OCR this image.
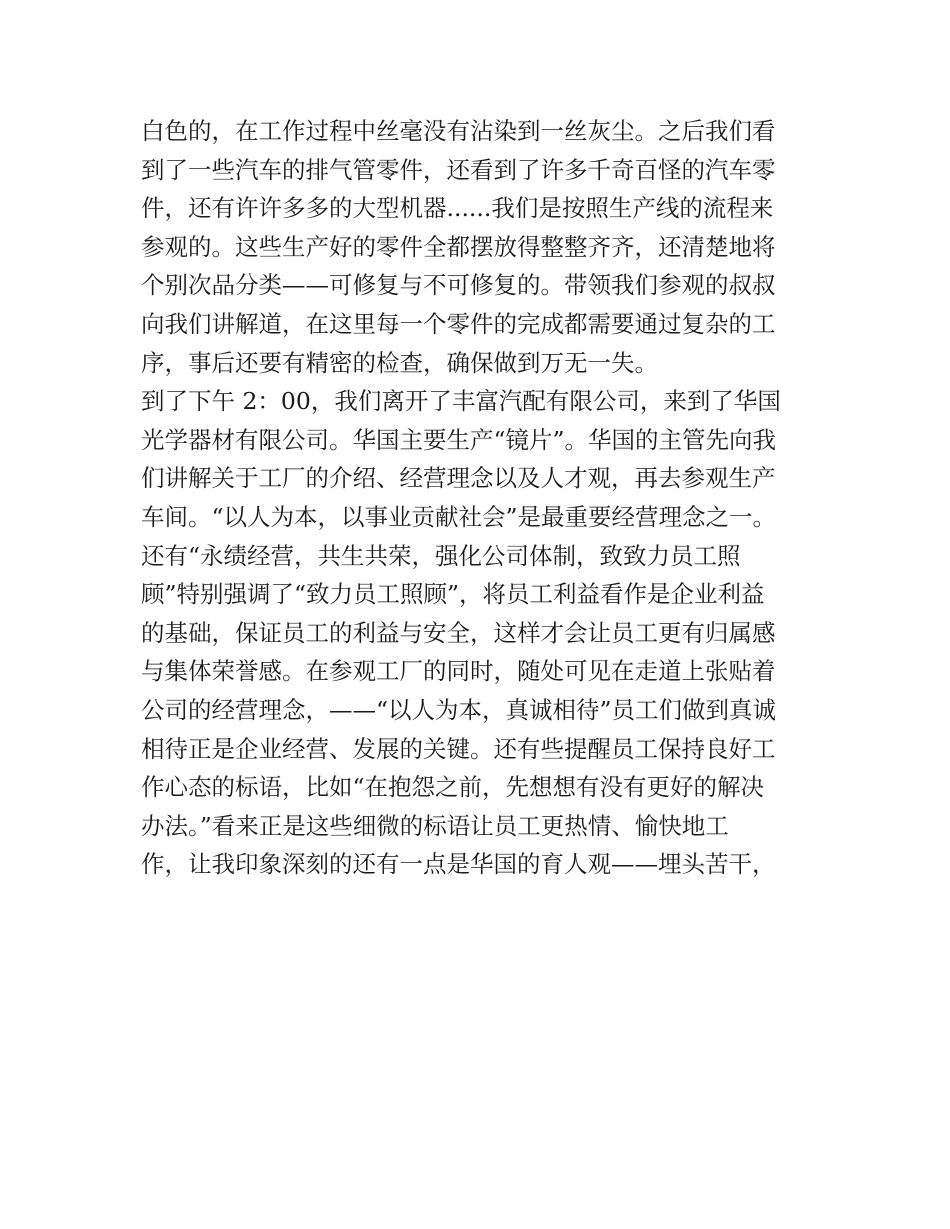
白色的，在工作过程中丝毫没有沾染到一丝灰尘。之后我们看
到了一些汽车的排气管零件，还看到了许多千奇百怪的汽车零
件，还有许许多多的大型机器......我们是按照生产线的流程来
参观的。这些生产好的零件全都摆放得整整齐齐，还清楚地将
个别次品分类——可修复与不可修复的。带领我们参观的叔叔
向我们讲解道，在这里每一个零件的完成都需要通过复杂的工
序，事后还要有精密的检查，确保做到万无一失。
到了下午 2：00，我们离开了丰富汽配有限公司，来到了华国
光学器材有限公司。华国主要生产“镜片”。华国的主管先向我
们讲解关于工厂的介绍、经营理念以及人才观，再去参观生产
车间。“以人为本，以事业贡献社会”是最重要经营理念之一。
还有“永绩经营，共生共荣，强化公司体制，致致力员工照
顾”特别强调了“致力员工照顾”，将员工利益看作是企业利益
的基础，保证员工的利益与安全，这样才会让员工更有归属感
与集体荣誉感。在参观工厂的同时，随处可见在走道上张贴着
公司的经营理念，——“以人为本，真诚相待”员工们做到真诚
相待正是企业经营、发展的关键。还有些提醒员工保持良好工
作心态的标语，比如“在抱怨之前，先想想有没有更好的解决
办法。”看来正是这些细微的标语让员工更热情、愉快地工
作，让我印象深刻的还有一点是华国的育人观——埋头苦干，
